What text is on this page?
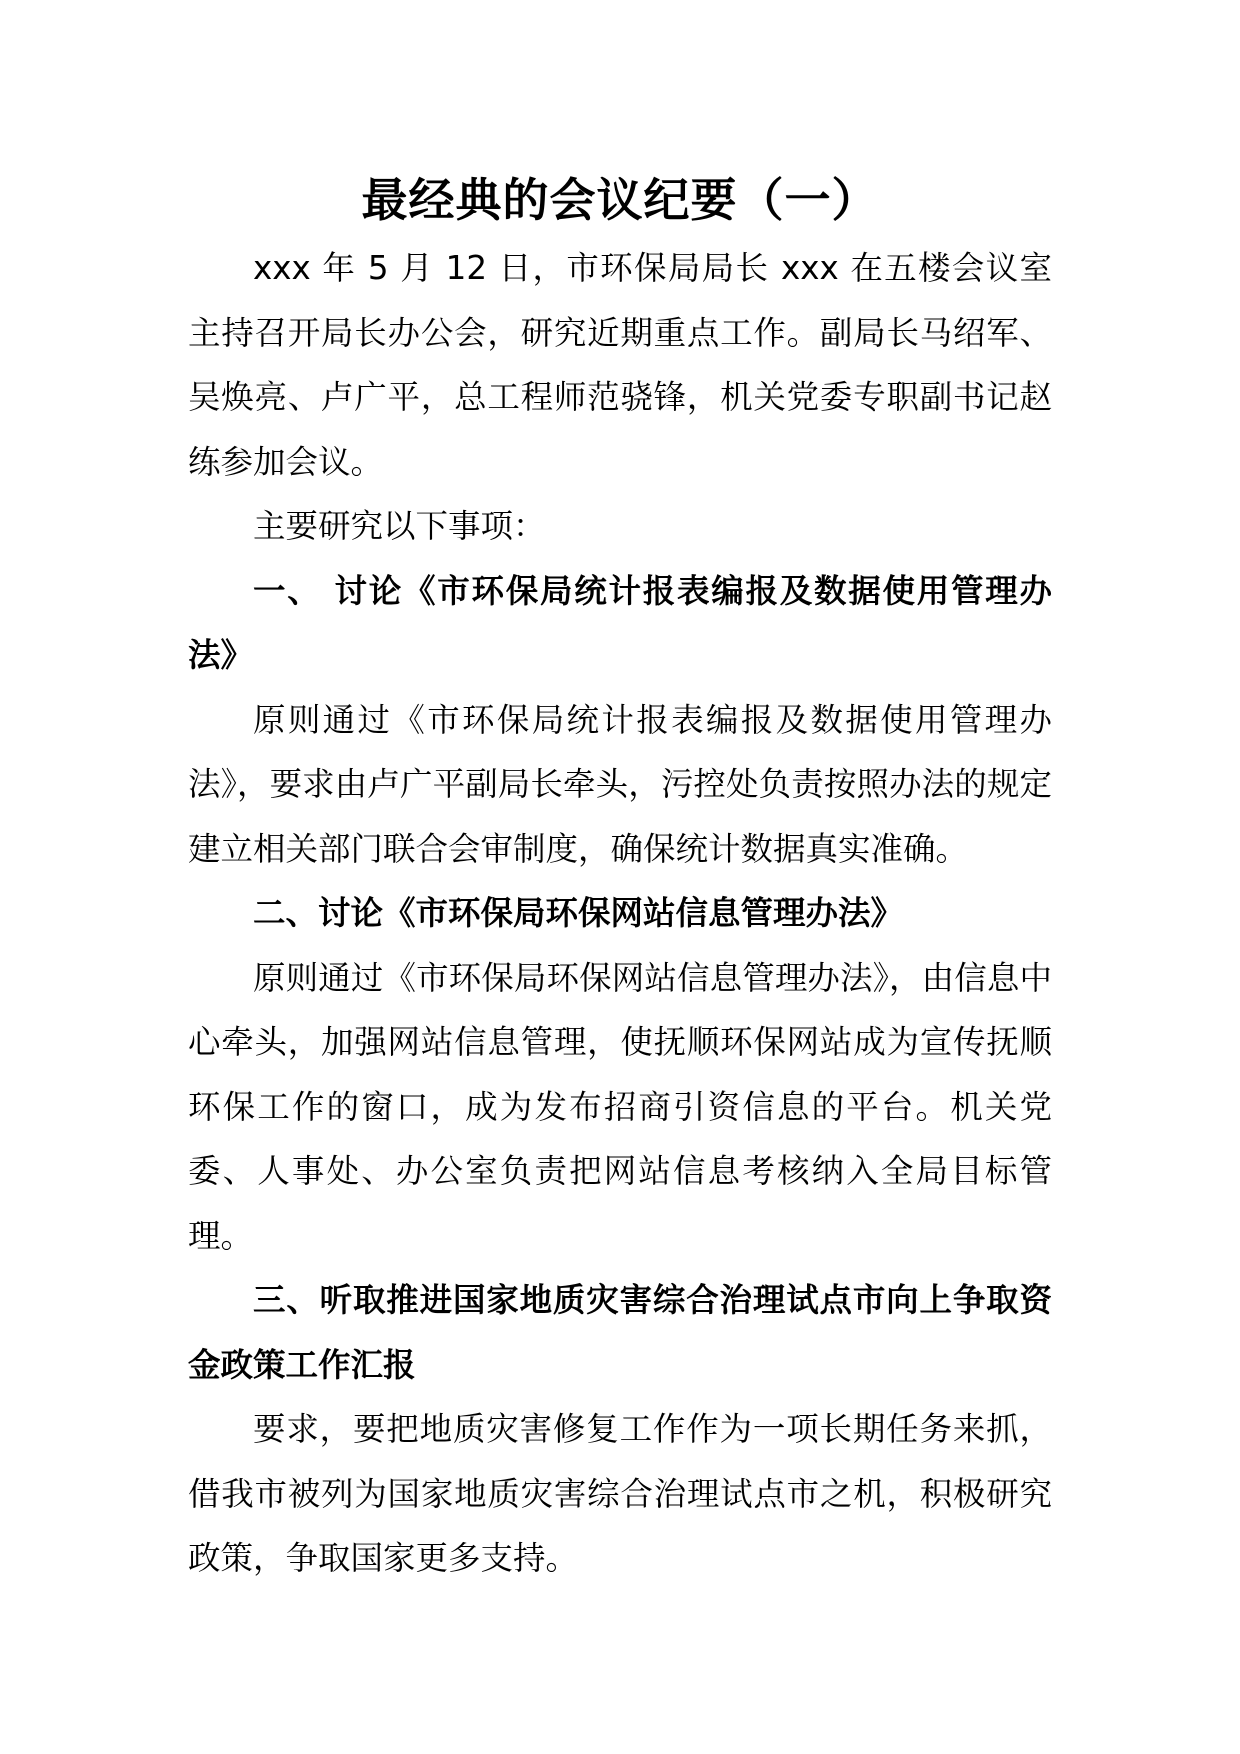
最经典的会议纪要（一）

xxx 年 5 月 12 日，市环保局局长 xxx 在五楼会议室主持召开局长办公会，研究近期重点工作。副局长马绍军、吴焕亮、卢广平，总工程师范骁锋，机关党委专职副书记赵练参加会议。

主要研究以下事项：

一、 讨论《市环保局统计报表编报及数据使用管理办法》

原则通过《市环保局统计报表编报及数据使用管理办法》，要求由卢广平副局长牵头，污控处负责按照办法的规定建立相关部门联合会审制度，确保统计数据真实准确。

二、讨论《市环保局环保网站信息管理办法》

原则通过《市环保局环保网站信息管理办法》，由信息中心牵头，加强网站信息管理，使抚顺环保网站成为宣传抚顺环保工作的窗口，成为发布招商引资信息的平台。机关党委、人事处、办公室负责把网站信息考核纳入全局目标管理。

三、听取推进国家地质灾害综合治理试点市向上争取资金政策工作汇报

要求，要把地质灾害修复工作作为一项长期任务来抓，借我市被列为国家地质灾害综合治理试点市之机，积极研究政策，争取国家更多支持。
